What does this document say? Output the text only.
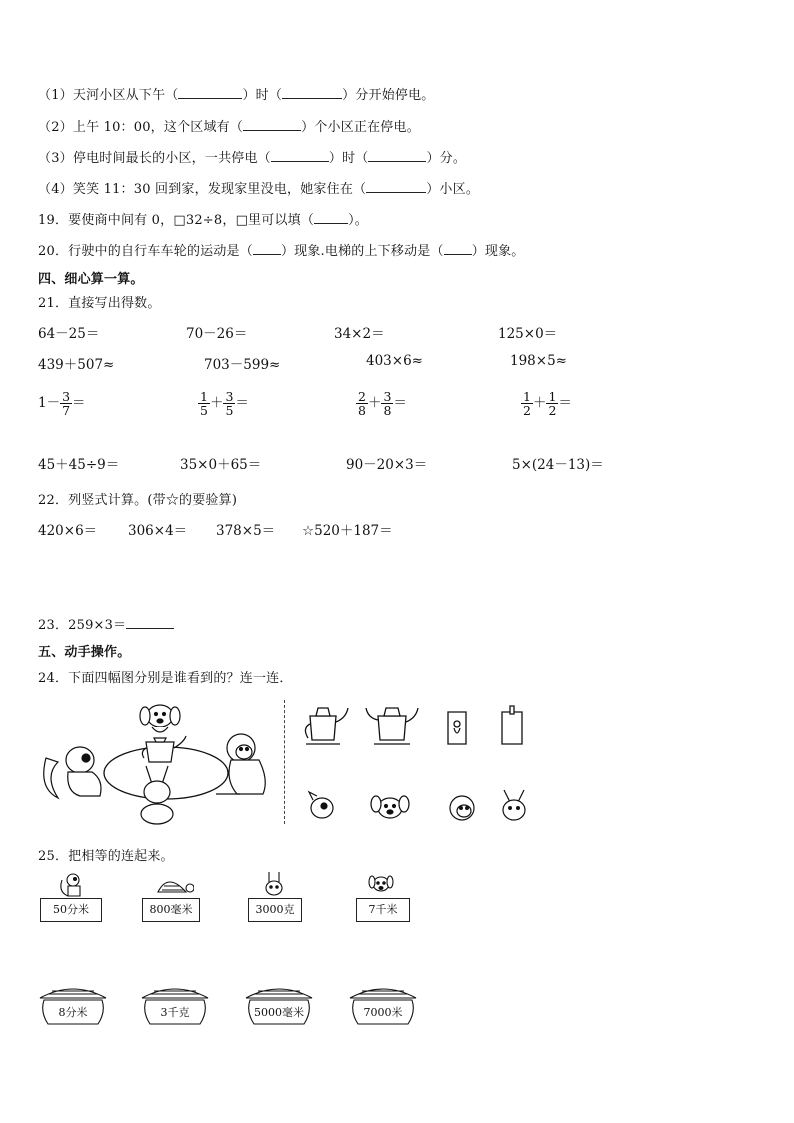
（1）天河小区从下午（	）时（	）分开始停电。
（2）上午 10：00，这个区域有（	）个小区正在停电。
（3）停电时间最长的小区，一共停电（	）时（	）分。
（4）笑笑 11：30 回到家，发现家里没电，她家住在（	）小区。
19．要使商中间有 0，□32÷8，□里可以填（	）。
20．行驶中的自行车车轮的运动是（ ）现象.电梯的上下移动是（ ）现象。
四、细心算一算。
21．直接写出得数。
64－25＝	70－26＝	34×2＝	125×0＝
439＋507≈	703－599≈	403×6≈	198×5≈
$1- \frac{3}{7}$ ＝	$\frac{1}{5} + \frac{3}{5}$ ＝	$\frac{2}{8} + \frac{3}{8}$ ＝	$\frac{1}{2} + \frac{1}{2}$ ＝
45＋45÷9＝	35×0＋65＝	90－20×3＝	5×(24－13)＝
22．列竖式计算。(带☆的要验算)
420×6＝ 306×4＝ 378×5＝ ☆520＋187＝
23．259×3＝
五、动手操作。
24．下面四幅图分别是谁看到的？连一连．
25．把相等的连起来。
50分米	800毫米	3000克	7千米
8分米	3千克	5000毫米	7000米
